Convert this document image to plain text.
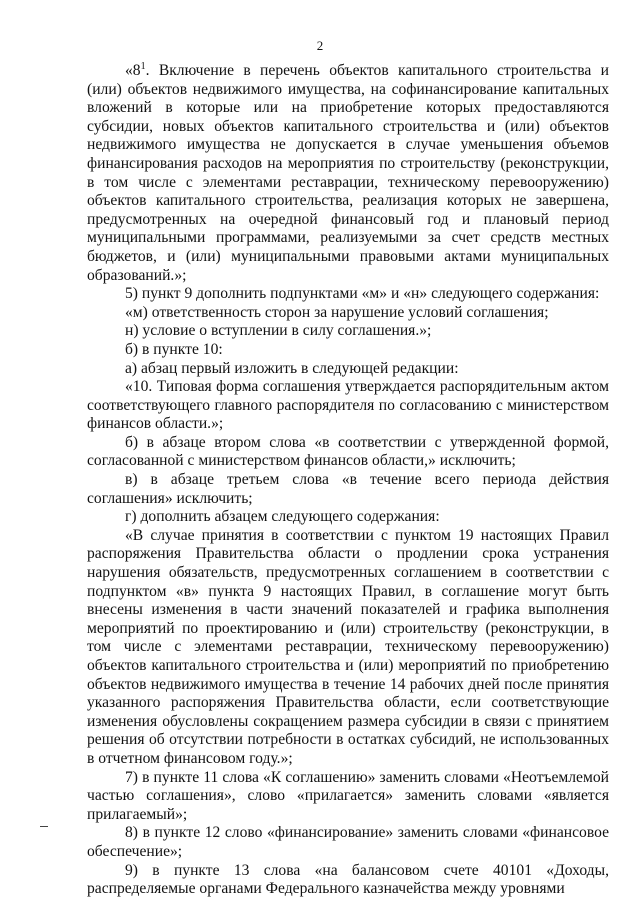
2

«$8^1$. Включение в перечень объектов капитального строительства и (или) объектов недвижимого имущества, на софинансирование капитальных вложений в которые или на приобретение которых предоставляются субсидии, новых объектов капитального строительства и (или) объектов недвижимого имущества не допускается в случае уменьшения объемов финансирования расходов на мероприятия по строительству (реконструкции, в том числе с элементами реставрации, техническому перевооружению) объектов капитального строительства, реализация которых не завершена, предусмотренных на очередной финансовый год и плановый период муниципальными программами, реализуемыми за счет средств местных бюджетов, и (или) муниципальными правовыми актами муниципальных образований.»;

5) пункт 9 дополнить подпунктами «м» и «н» следующего содержания:

«м) ответственность сторон за нарушение условий соглашения;

н) условие о вступлении в силу соглашения.»;

б) в пункте 10:

а) абзац первый изложить в следующей редакции:

«10. Типовая форма соглашения утверждается распорядительным актом соответствующего главного распорядителя по согласованию с министерством финансов области.»;

б) в абзаце втором слова «в соответствии с утвержденной формой, согласованной с министерством финансов области,» исключить;

в) в абзаце третьем слова «в течение всего периода действия соглашения» исключить;

г) дополнить абзацем следующего содержания:

«В случае принятия в соответствии с пунктом 19 настоящих Правил распоряжения Правительства области о продлении срока устранения нарушения обязательств, предусмотренных соглашением в соответствии с подпунктом «в» пункта 9 настоящих Правил, в соглашение могут быть внесены изменения в части значений показателей и графика выполнения мероприятий по проектированию и (или) строительству (реконструкции, в том числе с элементами реставрации, техническому перевооружению) объектов капитального строительства и (или) мероприятий по приобретению объектов недвижимого имущества в течение 14 рабочих дней после принятия указанного распоряжения Правительства области, если соответствующие изменения обусловлены сокращением размера субсидии в связи с принятием решения об отсутствии потребности в остатках субсидий, не использованных в отчетном финансовом году.»;

7) в пункте 11 слова «К соглашению» заменить словами «Неотъемлемой частью соглашения», слово «прилагается» заменить словами «является прилагаемый»;

8) в пункте 12 слово «финансирование» заменить словами «финансовое обеспечение»;

9) в пункте 13 слова «на балансовом счете 40101 «Доходы, распределяемые органами Федерального казначейства между уровнями
